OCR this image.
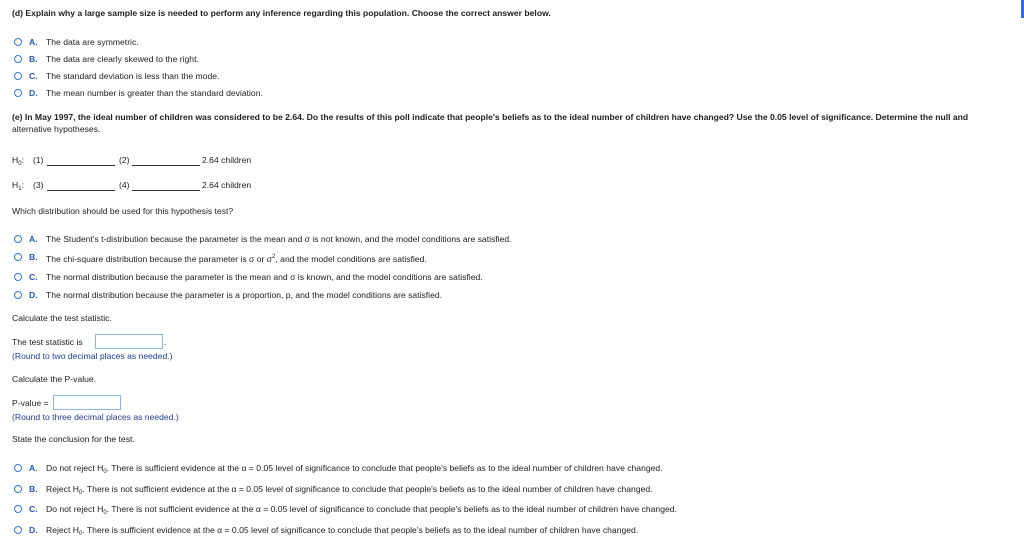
(d) Explain why a large sample size is needed to perform any inference regarding this population. Choose the correct answer below.
A. The data are symmetric.
B. The data are clearly skewed to the right.
C. The standard deviation is less than the mode.
D. The mean number is greater than the standard deviation.
(e) In May 1997, the ideal number of children was considered to be 2.64. Do the results of this poll indicate that people's beliefs as to the ideal number of children have changed? Use the 0.05 level of significance. Determine the null and
alternative hypotheses.
$H_0$: (1)	(2)	2.64 children
$H_1$: (3)	(4)	2.64 children
Which distribution should be used for this hypothesis test?
A. The Student's t-distribution because the parameter is the mean and σ is not known, and the model conditions are satisfied.
B. The chi-square distribution because the parameter is σ or $\sigma^2$, and the model conditions are satisfied.
C. The normal distribution because the parameter is the mean and σ is known, and the model conditions are satisfied.
D. The normal distribution because the parameter is a proportion, p, and the model conditions are satisfied.
Calculate the test statistic.
The test statistic is	.
(Round to two decimal places as needed.)
Calculate the P-value.
P-value =
(Round to three decimal places as needed.)
State the conclusion for the test.
A. Do not reject $H_0$. There is sufficient evidence at the α = 0.05 level of significance to conclude that people's beliefs as to the ideal number of children have changed.
B. Reject $H_0$. There is not sufficient evidence at the α = 0.05 level of significance to conclude that people's beliefs as to the ideal number of children have changed.
C. Do not reject $H_0$. There is not sufficient evidence at the α = 0.05 level of significance to conclude that people's beliefs as to the ideal number of children have changed.
D. Reject $H_0$. There is sufficient evidence at the α = 0.05 level of significance to conclude that people's beliefs as to the ideal number of children have changed.
